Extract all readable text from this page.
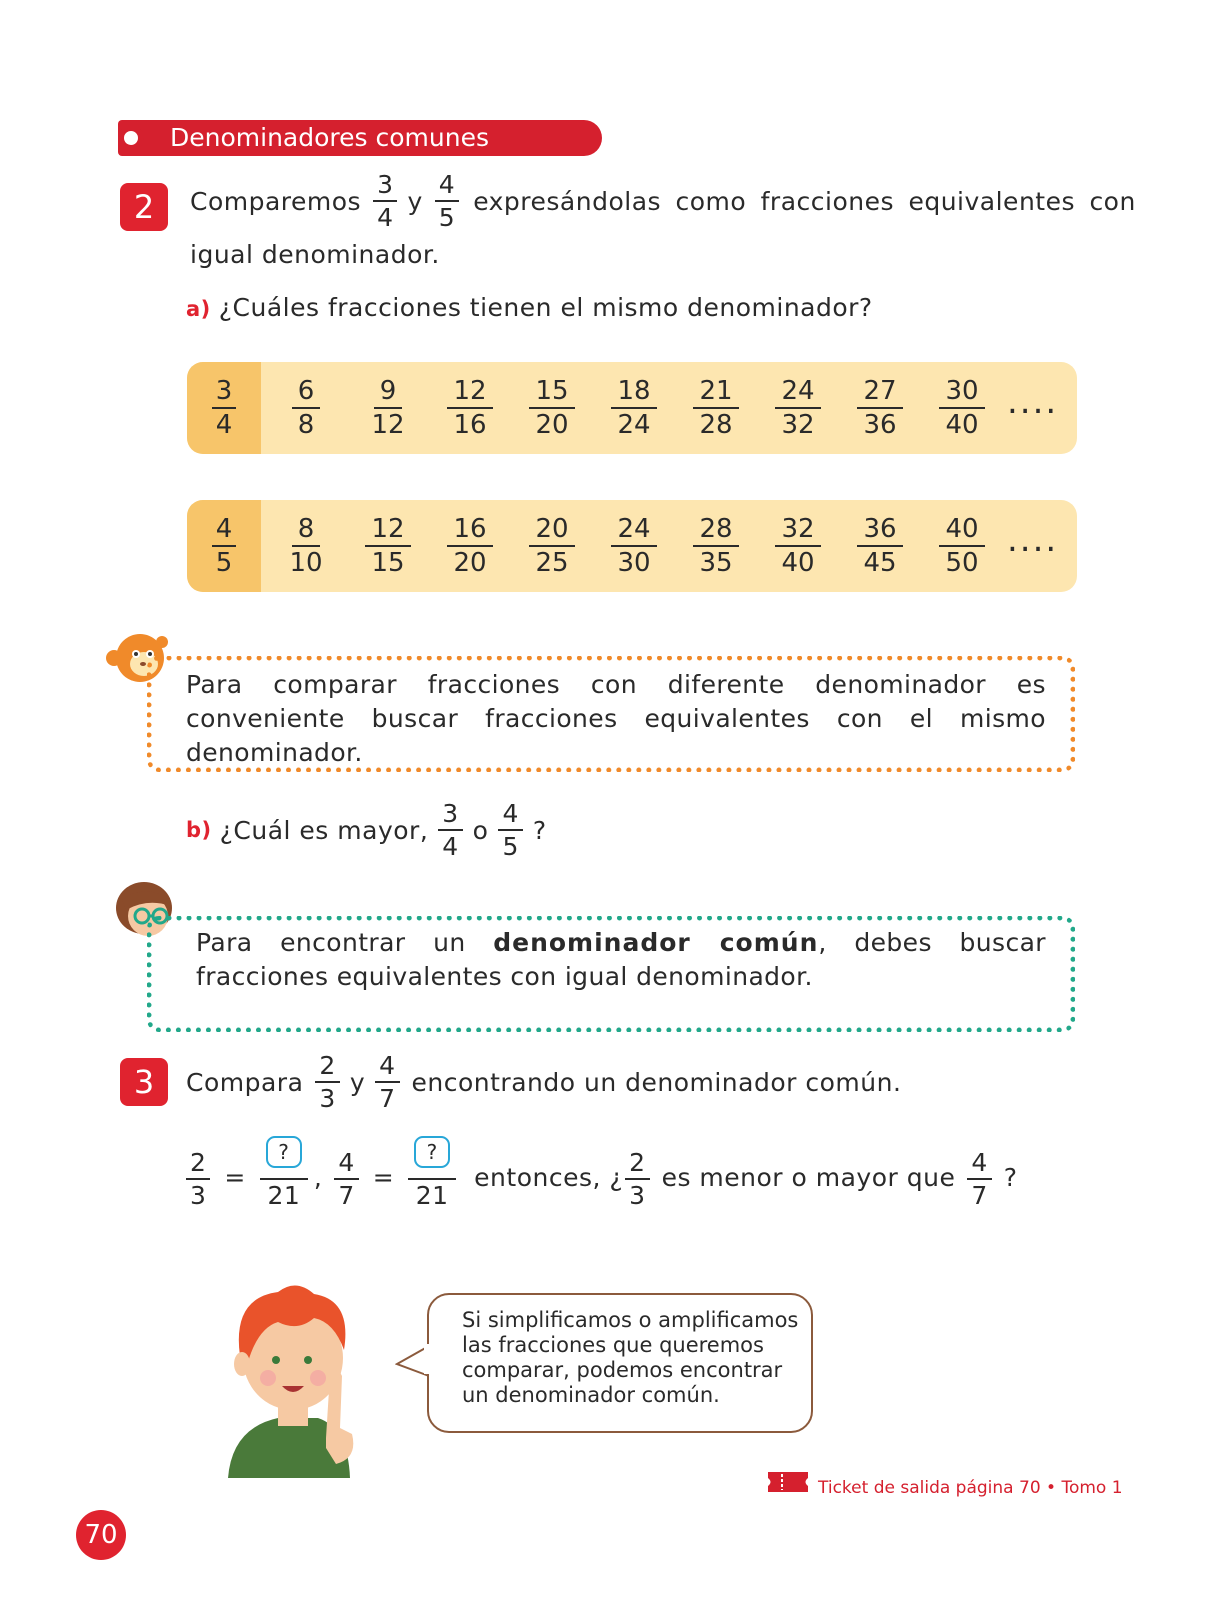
Denominadores comunes
2	Comparemos $\frac{3}{4}$ y $\frac{4}{5}$ expresándolas como fracciones equivalentes con
igual denominador.
a) ¿Cuáles fracciones tienen el mismo denominador?
$\frac{3}{4} \frac{6}{8} \frac{9}{12} \frac{12}{16} \frac{15}{20} \frac{18}{24} \frac{21}{28} \frac{24}{32} \frac{27}{36} \frac{30}{40}$ ....
$\frac{4}{5} \frac{8}{10} \frac{12}{15} \frac{16}{20} \frac{20}{25} \frac{24}{30} \frac{28}{35} \frac{32}{40} \frac{36}{45} \frac{40}{50}$ ....
Para comparar fracciones con diferente denominador es conveniente buscar fracciones equivalentes con el mismo denominador.
b) ¿Cuál es mayor, $\frac{3}{4}$ o $\frac{4}{5}$ ?
Para encontrar un denominador común, debes buscar fracciones equivalentes con igual denominador.
3	Compara $\frac{2}{3}$ y $\frac{4}{7}$ encontrando un denominador común.
$\frac{2}{3} = \frac{?}{21}$ , $\frac{4}{7} = \frac{?}{21}$ entonces, ¿ $\frac{2}{3}$ es menor o mayor que $\frac{4}{7}$ ?
Si simplificamos o amplificamos las fracciones que queremos comparar, podemos encontrar un denominador común.
Ticket de salida página 70 • Tomo 1
70
